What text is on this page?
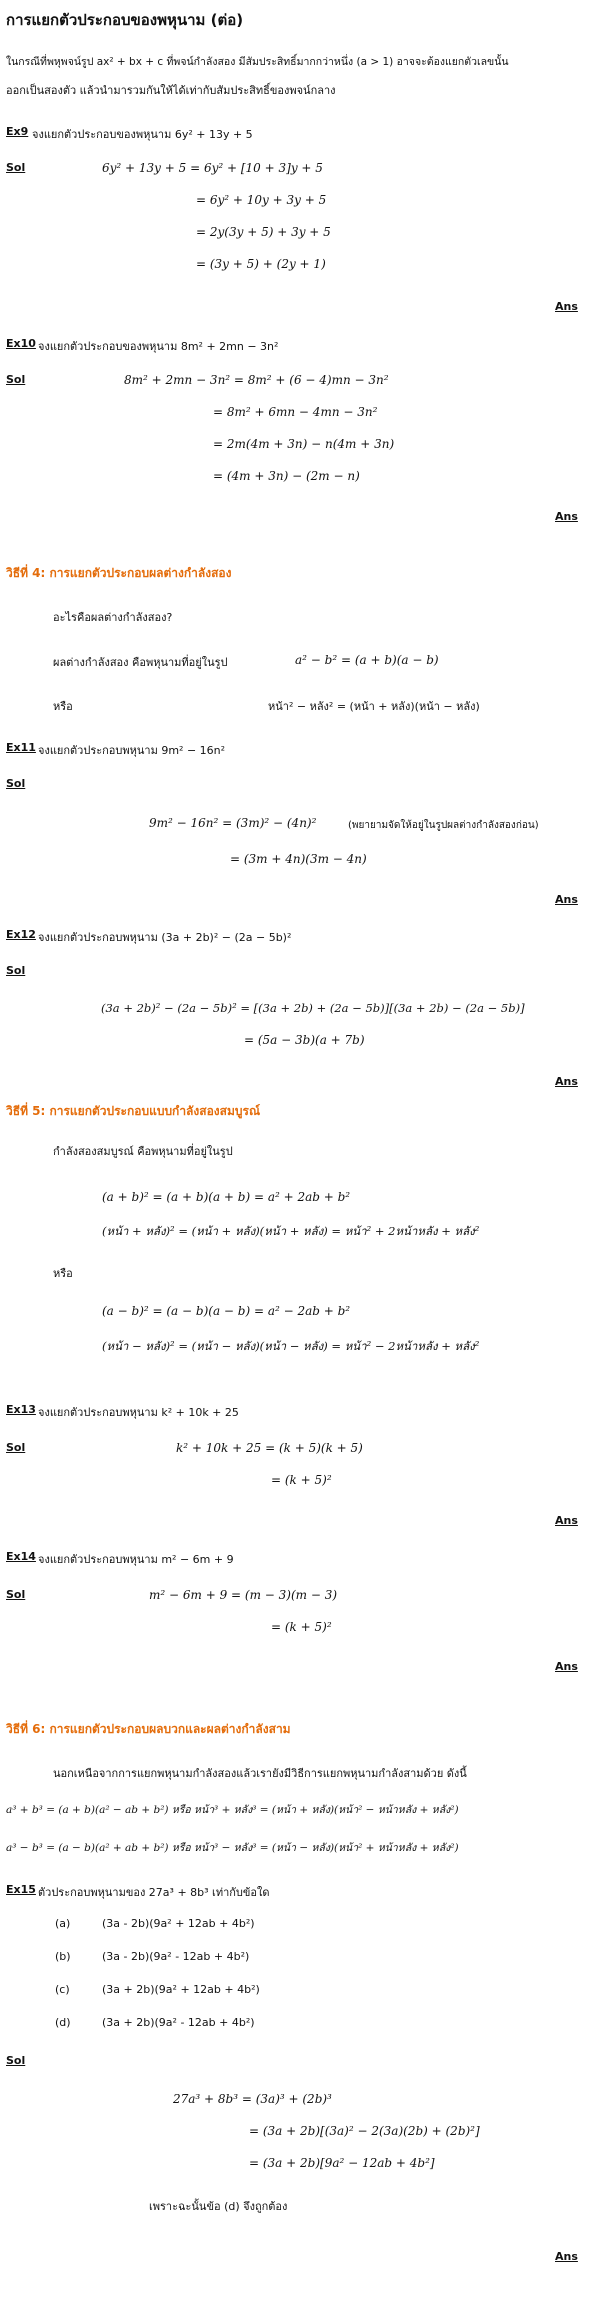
การแยกตัวประกอบของพหุนาม (ต่อ)
ในกรณีที่พหุพจน์รูป ax² + bx + c ที่พจน์กำลังสอง มีสัมประสิทธิ์มากกว่าหนึ่ง (a > 1) อาจจะต้องแยกตัวเลขนั้น
ออกเป็นสองตัว แล้วนำมารวมกันให้ได้เท่ากับสัมประสิทธิ์ของพจน์กลาง
Ex9 จงแยกตัวประกอบของพหุนาม 6y² + 13y + 5
Sol	6y² + 13y + 5 = 6y² + [10 + 3]y + 5
= 6y² + 10y + 3y + 5
= 2y(3y + 5) + 3y + 5
= (3y + 5) + (2y + 1)
Ans
Ex10 จงแยกตัวประกอบของพหุนาม 8m² + 2mn − 3n²
Sol	8m² + 2mn − 3n² = 8m² + (6 − 4)mn − 3n²
= 8m² + 6mn − 4mn − 3n²
= 2m(4m + 3n) − n(4m + 3n)
= (4m + 3n) − (2m − n)
Ans
วิธีที่ 4: การแยกตัวประกอบผลต่างกำลังสอง
อะไรคือผลต่างกำลังสอง?
ผลต่างกำลังสอง คือพหุนามที่อยู่ในรูป	a² − b² = (a + b)(a − b)
หรือ	หน้า² − หลัง² = (หน้า + หลัง)(หน้า − หลัง)
Ex11 จงแยกตัวประกอบพหุนาม 9m² − 16n²
Sol
9m² − 16n² = (3m)² − (4n)²	(พยายามจัดให้อยู่ในรูปผลต่างกำลังสองก่อน)
= (3m + 4n)(3m − 4n)
Ans
Ex12 จงแยกตัวประกอบพหุนาม (3a + 2b)² − (2a − 5b)²
Sol
(3a + 2b)² − (2a − 5b)² = [(3a + 2b) + (2a − 5b)][(3a + 2b) − (2a − 5b)]
= (5a − 3b)(a + 7b)
Ans
วิธีที่ 5: การแยกตัวประกอบแบบกำลังสองสมบูรณ์
กำลังสองสมบูรณ์ คือพหุนามที่อยู่ในรูป
(a + b)² = (a + b)(a + b) = a² + 2ab + b²
(หน้า + หลัง)² = (หน้า + หลัง)(หน้า + หลัง) = หน้า² + 2หน้าหลัง + หลัง²
หรือ
(a − b)² = (a − b)(a − b) = a² − 2ab + b²
(หน้า − หลัง)² = (หน้า − หลัง)(หน้า − หลัง) = หน้า² − 2หน้าหลัง + หลัง²
Ex13 จงแยกตัวประกอบพหุนาม k² + 10k + 25
Sol	k² + 10k + 25 = (k + 5)(k + 5)
= (k + 5)²
Ans
Ex14 จงแยกตัวประกอบพหุนาม m² − 6m + 9
Sol	m² − 6m + 9 = (m − 3)(m − 3)
= (k + 5)²
Ans
วิธีที่ 6: การแยกตัวประกอบผลบวกและผลต่างกำลังสาม
นอกเหนือจากการแยกพหุนามกำลังสองแล้วเรายังมีวิธีการแยกพหุนามกำลังสามด้วย ดังนี้
a³ + b³ = (a + b)(a² − ab + b²) หรือ หน้า³ + หลัง³ = (หน้า + หลัง)(หน้า² − หน้าหลัง + หลัง²)
a³ − b³ = (a − b)(a² + ab + b²) หรือ หน้า³ − หลัง³ = (หน้า − หลัง)(หน้า² + หน้าหลัง + หลัง²)
Ex15 ตัวประกอบพหุนามของ 27a³ + 8b³ เท่ากับข้อใด
(a)	(3a - 2b)(9a² + 12ab + 4b²)
(b)	(3a - 2b)(9a² - 12ab + 4b²)
(c)	(3a + 2b)(9a² + 12ab + 4b²)
(d)	(3a + 2b)(9a² - 12ab + 4b²)
Sol
27a³ + 8b³ = (3a)³ + (2b)³
= (3a + 2b)[(3a)² − 2(3a)(2b) + (2b)²]
= (3a + 2b)[9a² − 12ab + 4b²]
เพราะฉะนั้นข้อ (d) จึงถูกต้อง
Ans
